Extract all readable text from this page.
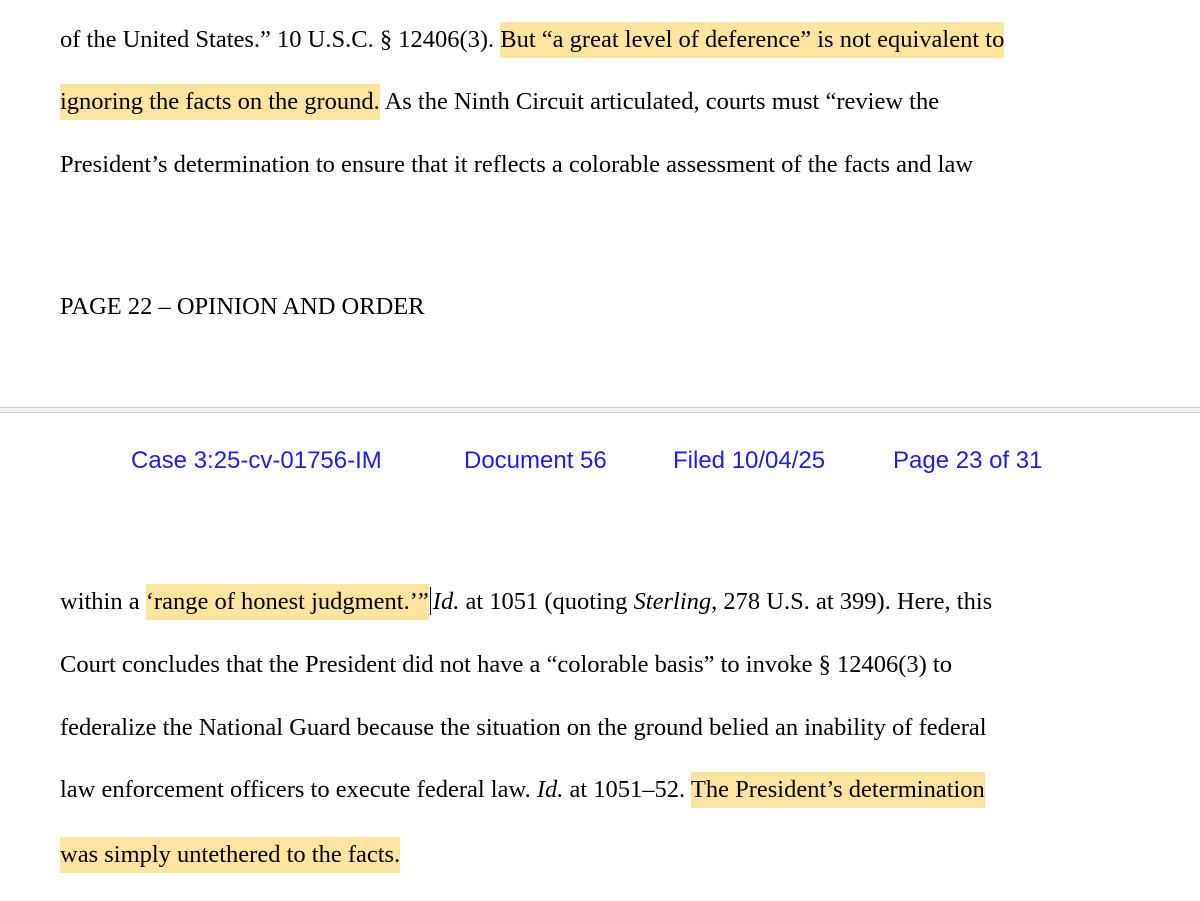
of the United States.” 10 U.S.C. § 12406(3). But “a great level of deference” is not equivalent to
ignoring the facts on the ground. As the Ninth Circuit articulated, courts must “review the
President’s determination to ensure that it reflects a colorable assessment of the facts and law
PAGE 22 – OPINION AND ORDER
Case 3:25-cv-01756-IM	Document 56	Filed 10/04/25	Page 23 of 31
within a ‘range of honest judgment.’” Id. at 1051 (quoting Sterling, 278 U.S. at 399). Here, this
Court concludes that the President did not have a “colorable basis” to invoke § 12406(3) to
federalize the National Guard because the situation on the ground belied an inability of federal
law enforcement officers to execute federal law. Id. at 1051–52. The President’s determination
was simply untethered to the facts.
